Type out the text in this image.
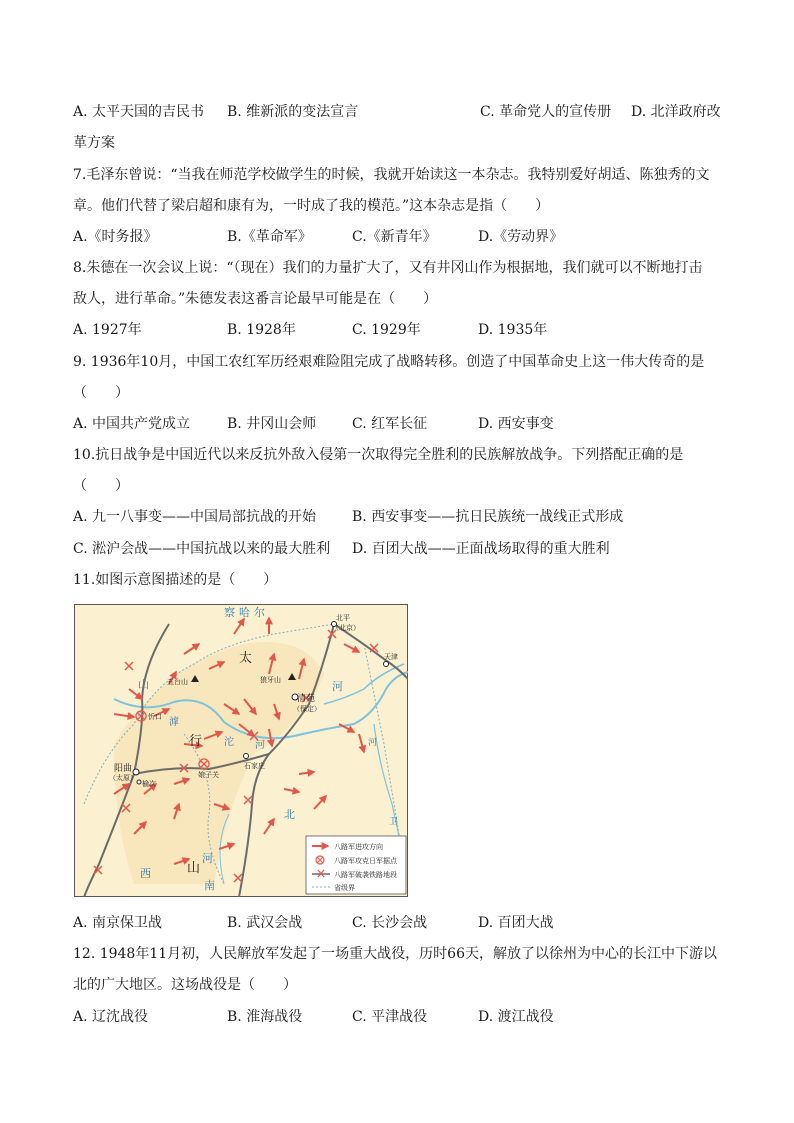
A. 太平天国的吉民书 B. 维新派的变法宣言	C. 革命党人的宣传册 D. 北洋政府改
革方案
7.毛泽东曾说：“当我在师范学校做学生的时候，我就开始读这一本杂志。我特别爱好胡适、陈独秀的文
章。他们代替了梁启超和康有为，一时成了我的模范。”这本杂志是指（　　）
A.《时务报》	B.《革命军》	C.《新青年》	D.《劳动界》
8.朱德在一次会议上说：“（现在）我们的力量扩大了，又有井冈山作为根据地，我们就可以不断地打击
敌人，进行革命。”朱德发表这番言论最早可能是在（　　）
A. 1927年	B. 1928年	C. 1929年	D. 1935年
9. 1936年10月，中国工农红军历经艰难险阻完成了战略转移。创造了中国革命史上这一伟大传奇的是
（　　）
A. 中国共产党成立	B. 井冈山会师	C. 红军长征	D. 西安事变
10.抗日战争是中国近代以来反抗外敌入侵第一次取得完全胜利的民族解放战争。下列搭配正确的是
（　　）
A. 九一八事变——中国局部抗战的开始	B. 西安事变——抗日民族统一战线正式形成
C. 淞沪会战——中国抗战以来的最大胜利 D. 百团大战——正面战场取得的重大胜利
11.如图示意图描述的是（　　）
察哈尔
滹
沱 河
河
河
河
卫
北平
（北京）
天津
五台山	狼牙山
忻口
娘子关
石家庄
榆次
（太原）
（保定）
清苑
阳曲
太
行
山
山
西
南
北
八路军进攻方向
八路军攻克日军据点
八路军破袭铁路地段
省级界
A. 南京保卫战	B. 武汉会战	C. 长沙会战	D. 百团大战
12. 1948年11月初，人民解放军发起了一场重大战役，历时66天，解放了以徐州为中心的长江中下游以
北的广大地区。这场战役是（　　）
A. 辽沈战役	B. 淮海战役	C. 平津战役	D. 渡江战役
